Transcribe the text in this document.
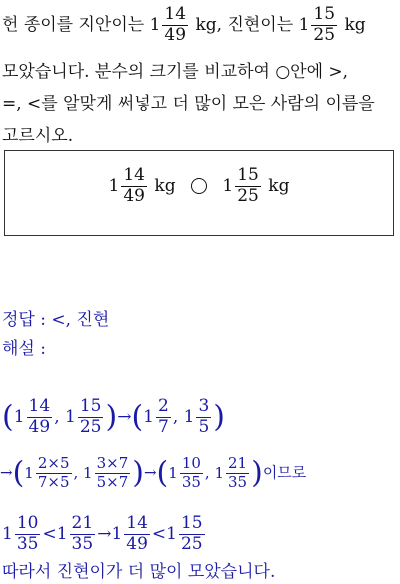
헌 종이를 지안이는 $1 \frac{14}{49}$ kg, 진현이는 $1 \frac{15}{25}$ kg
모았습니다. 분수의 크기를 비교하여 ○안에 >,
=, <를 알맞게 써넣고 더 많이 모은 사람의 이름을
고르시오.
$1 \frac{14}{49}$ kg	$1 \frac{15}{25}$ kg
정답 : <, 진현
해설 :
( $1 \frac{14}{49}$ , $1 \frac{15}{25}$ )→( $1 \frac{2}{7}$ , $1 \frac{3}{5}$ )
→( $1 \frac{2\times 5}{7\times 5}$ , $1 \frac{3\times 7}{5\times 7}$ )→( $1 \frac{10}{35}$ , $1 \frac{21}{35}$ )이므로
$1 \frac{10}{35} < 1 \frac{21}{35} \to 1 \frac{14}{49} < 1 \frac{15}{25}$
따라서 진현이가 더 많이 모았습니다.
